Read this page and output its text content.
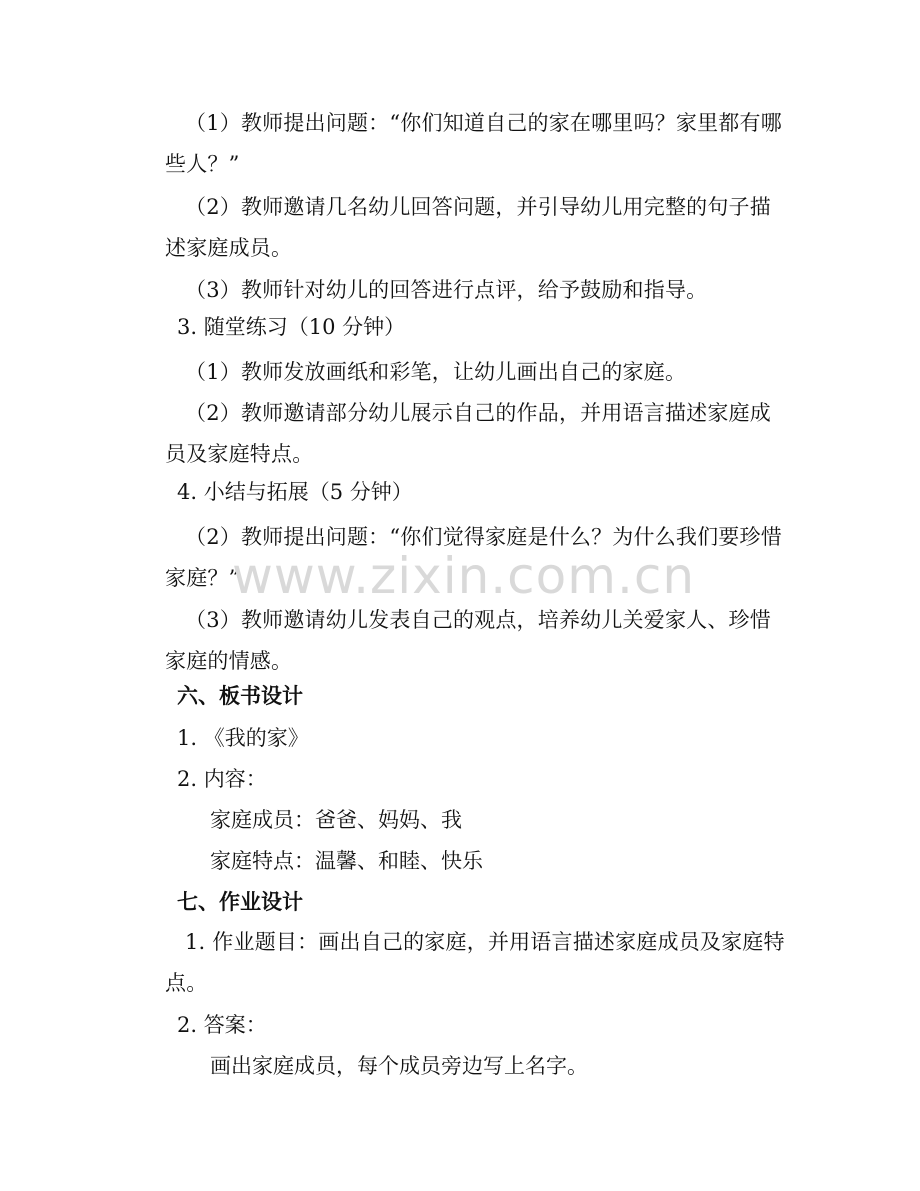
（1）教师提出问题：“你们知道自己的家在哪里吗？家里都有哪些人？”

（2）教师邀请几名幼儿回答问题，并引导幼儿用完整的句子描述家庭成员。

（3）教师针对幼儿的回答进行点评，给予鼓励和指导。

3. 随堂练习（10 分钟）

（1）教师发放画纸和彩笔，让幼儿画出自己的家庭。

（2）教师邀请部分幼儿展示自己的作品，并用语言描述家庭成员及家庭特点。

4. 小结与拓展（5 分钟）

（2）教师提出问题：“你们觉得家庭是什么？为什么我们要珍惜家庭？”

（3）教师邀请幼儿发表自己的观点，培养幼儿关爱家人、珍惜家庭的情感。

六、板书设计

1. 《我的家》

2. 内容：

家庭成员：爸爸、妈妈、我

家庭特点：温馨、和睦、快乐

七、作业设计

1. 作业题目：画出自己的家庭，并用语言描述家庭成员及家庭特点。

2. 答案：

画出家庭成员，每个成员旁边写上名字。

www.zixin.com.cn
